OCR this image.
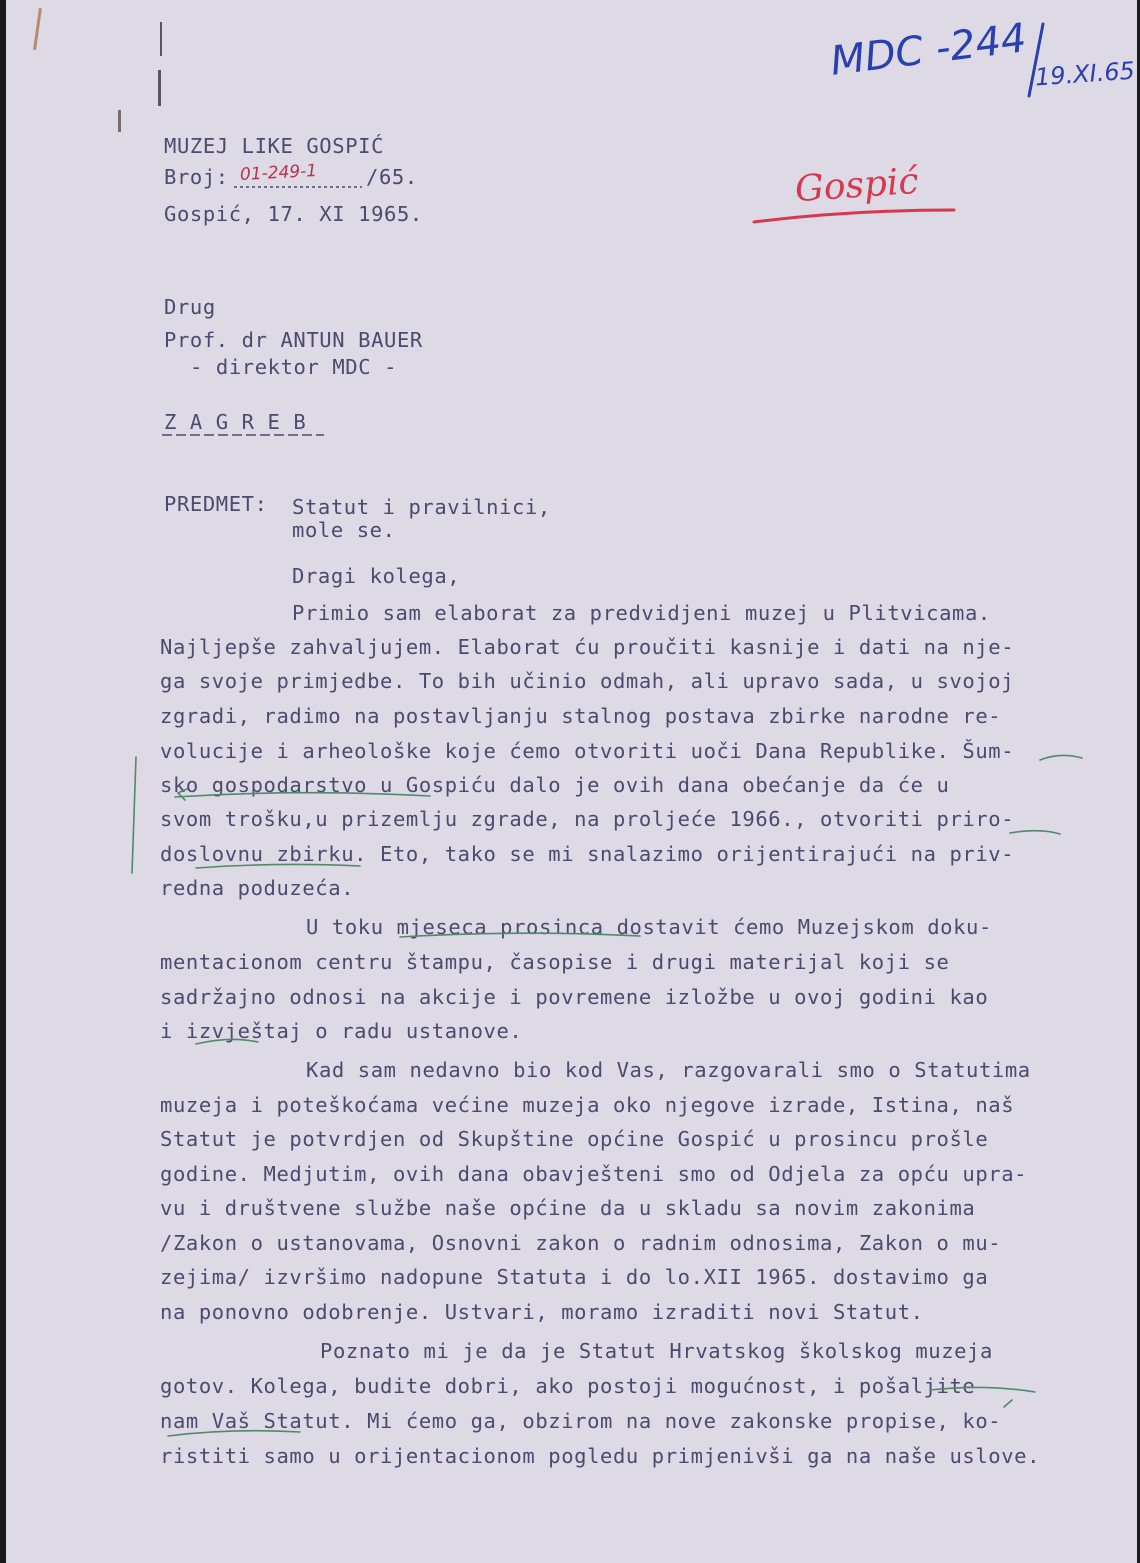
MDC -244 19.XI.65
Gospić
MUZEJ LIKE GOSPIĆ
Broj: 01-249-1 /65.
Gospić, 17. XI 1965.
Drug
Prof. dr ANTUN BAUER
- direktor MDC -
Z A G R E B
PREDMET: Statut i pravilnici,
mole se.
Dragi kolega,
Primio sam elaborat za predvidjeni muzej u Plitvicama.
Najljepše zahvaljujem. Elaborat ću proučiti kasnije i dati na nje-
ga svoje primjedbe. To bih učinio odmah, ali upravo sada, u svojoj
zgradi, radimo na postavljanju stalnog postava zbirke narodne re-
volucije i arheološke koje ćemo otvoriti uoči Dana Republike. Šum-
sko gospodarstvo u Gospiću dalo je ovih dana obećanje da će u
svom trošku,u prizemlju zgrade, na proljeće 1966., otvoriti priro-
doslovnu zbirku. Eto, tako se mi snalazimo orijentirajući na priv-
redna poduzeća.
U toku mjeseca prosinca dostavit ćemo Muzejskom doku-
mentacionom centru štampu, časopise i drugi materijal koji se
sadržajno odnosi na akcije i povremene izložbe u ovoj godini kao
i izvještaj o radu ustanove.
Kad sam nedavno bio kod Vas, razgovarali smo o Statutima
muzeja i poteškoćama većine muzeja oko njegove izrade, Istina, naš
Statut je potvrdjen od Skupštine općine Gospić u prosincu prošle
godine. Medjutim, ovih dana obavješteni smo od Odjela za opću upra-
vu i društvene službe naše općine da u skladu sa novim zakonima
/Zakon o ustanovama, Osnovni zakon o radnim odnosima, Zakon o mu-
zejima/ izvršimo nadopune Statuta i do lo.XII 1965. dostavimo ga
na ponovno odobrenje. Ustvari, moramo izraditi novi Statut.
Poznato mi je da je Statut Hrvatskog školskog muzeja
gotov. Kolega, budite dobri, ako postoji mogućnost, i pošaljite
nam Vaš Statut. Mi ćemo ga, obzirom na nove zakonske propise, ko-
ristiti samo u orijentacionom pogledu primjenivši ga na naše uslove.
